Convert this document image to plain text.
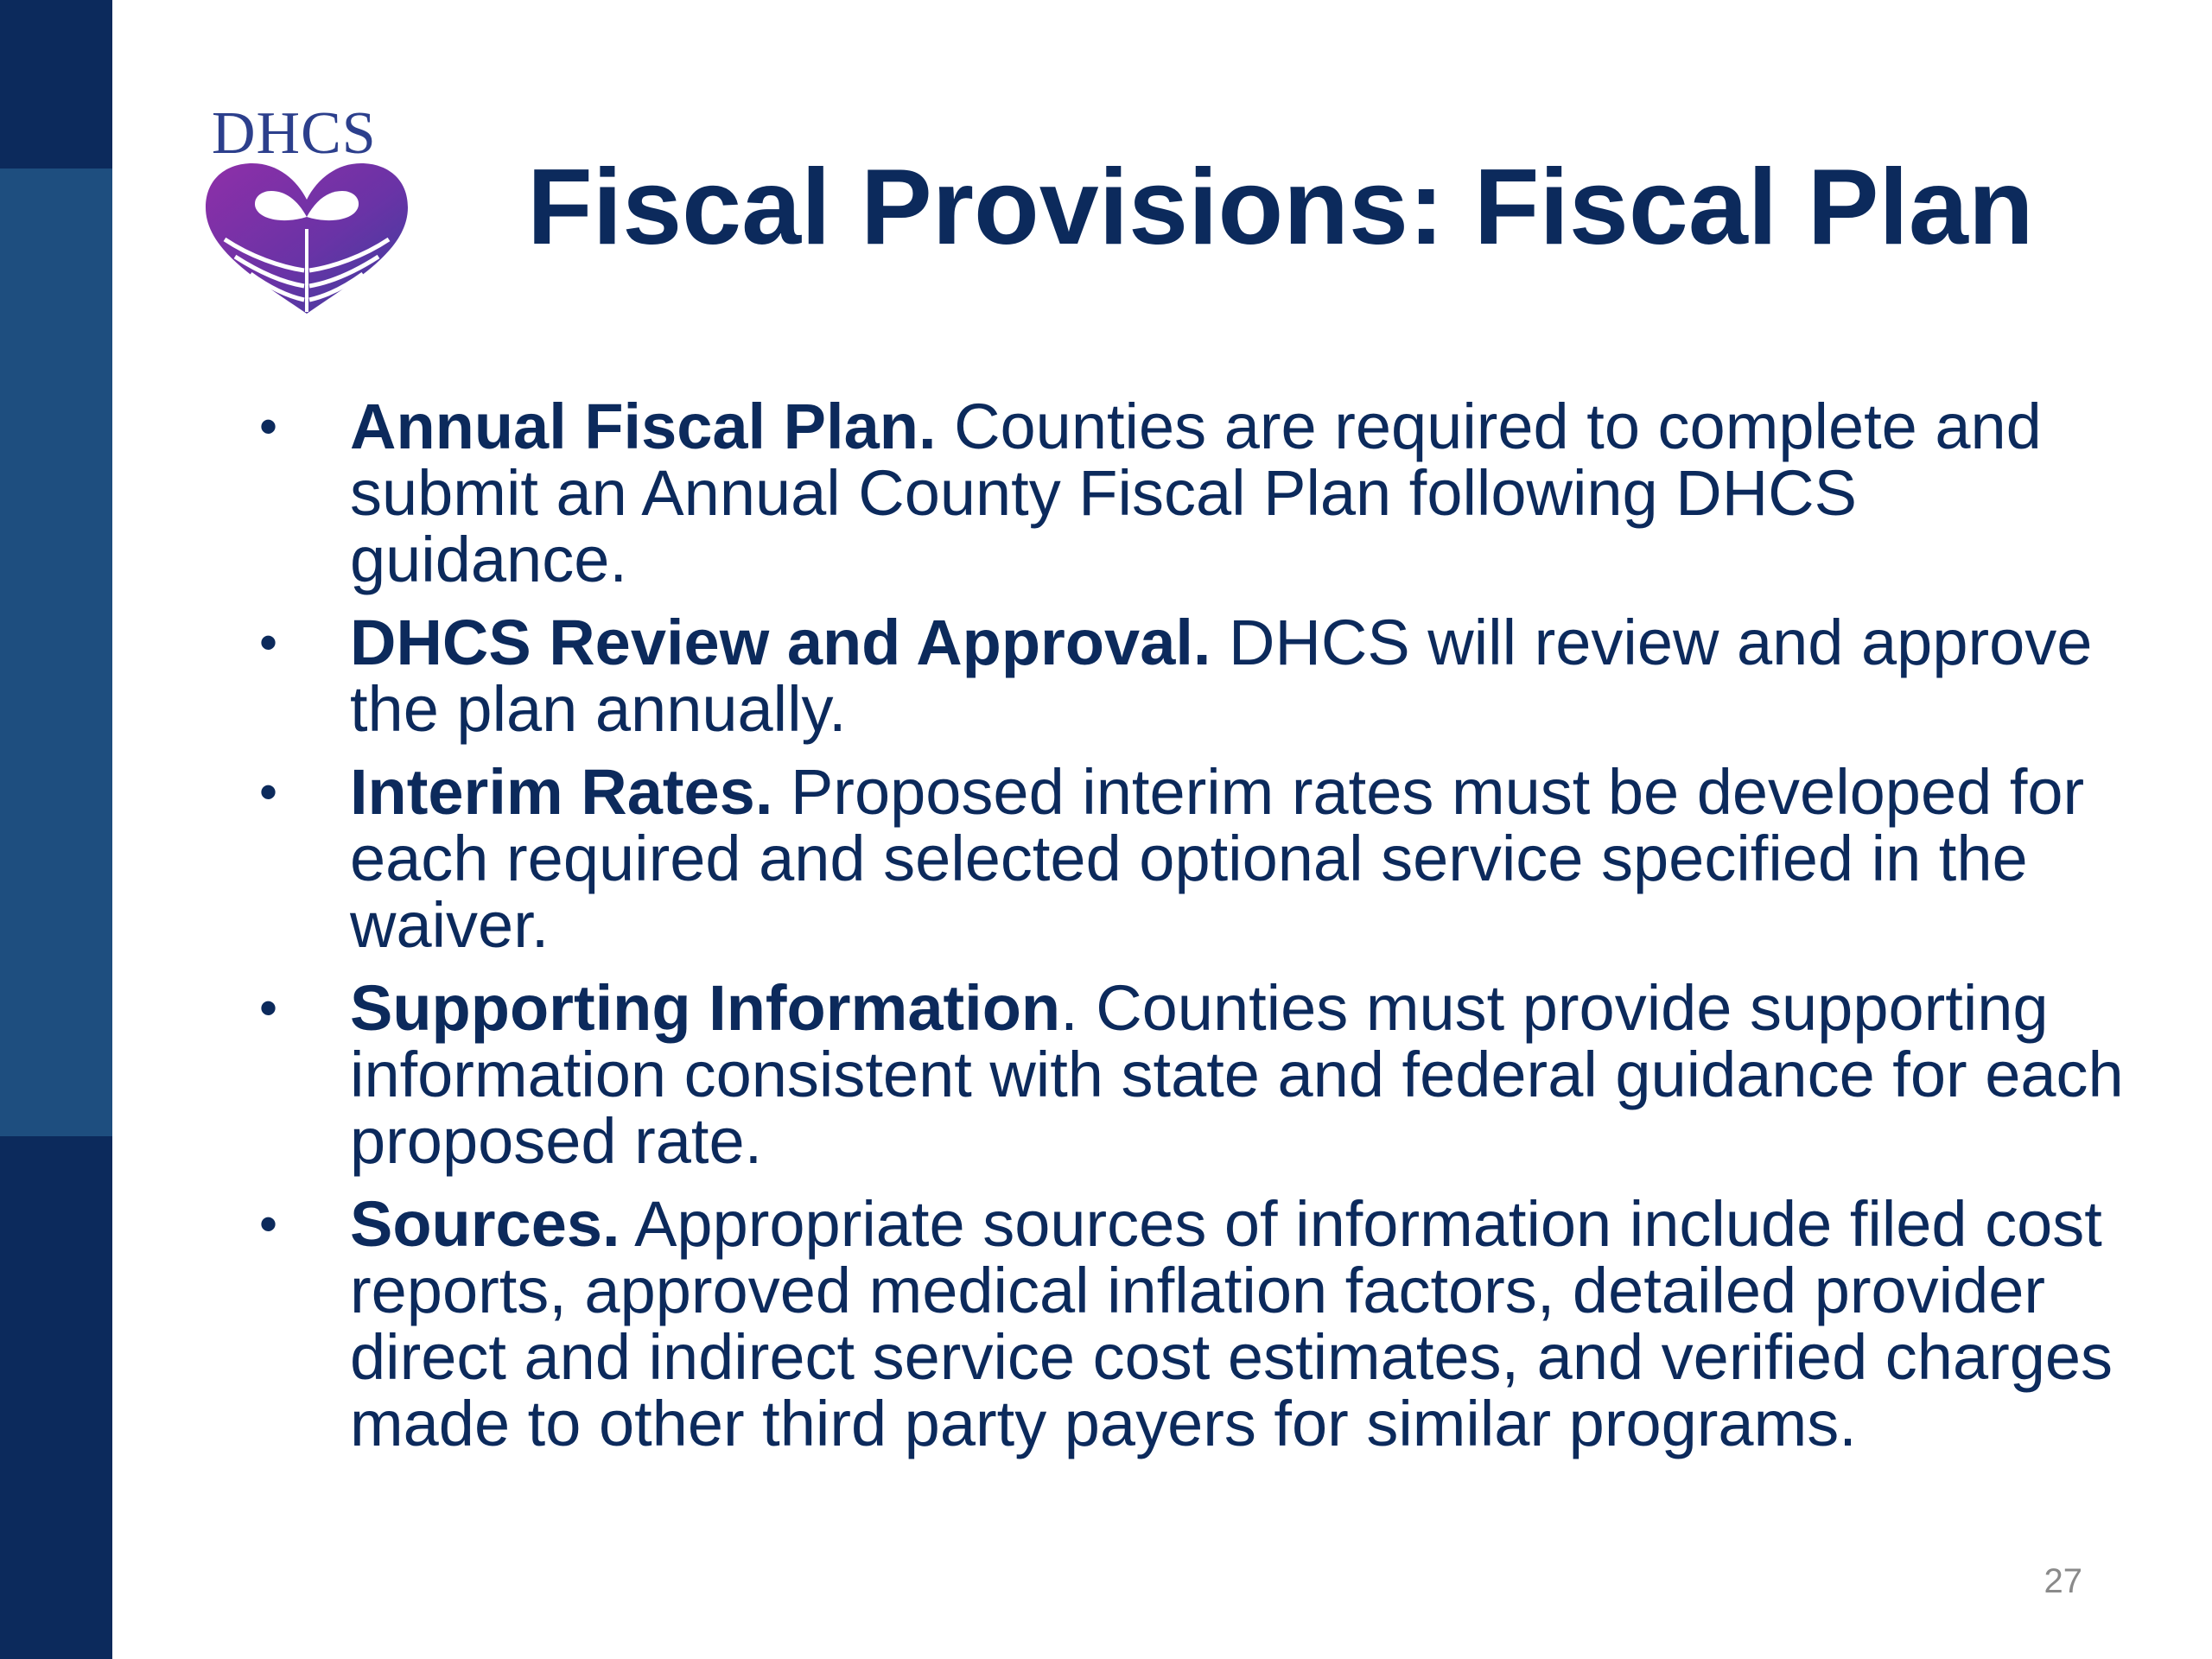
DHCS
Fiscal Provisions: Fiscal Plan
• Annual Fiscal Plan. Counties are required to complete and submit an Annual County Fiscal Plan following DHCS guidance.
• DHCS Review and Approval. DHCS will review and approve the plan annually.
• Interim Rates. Proposed interim rates must be developed for each required and selected optional service specified in the waiver.
• Supporting Information. Counties must provide supporting information consistent with state and federal guidance for each proposed rate.
• Sources. Appropriate sources of information include filed cost reports, approved medical inflation factors, detailed provider direct and indirect service cost estimates, and verified charges made to other third party payers for similar programs.
27
